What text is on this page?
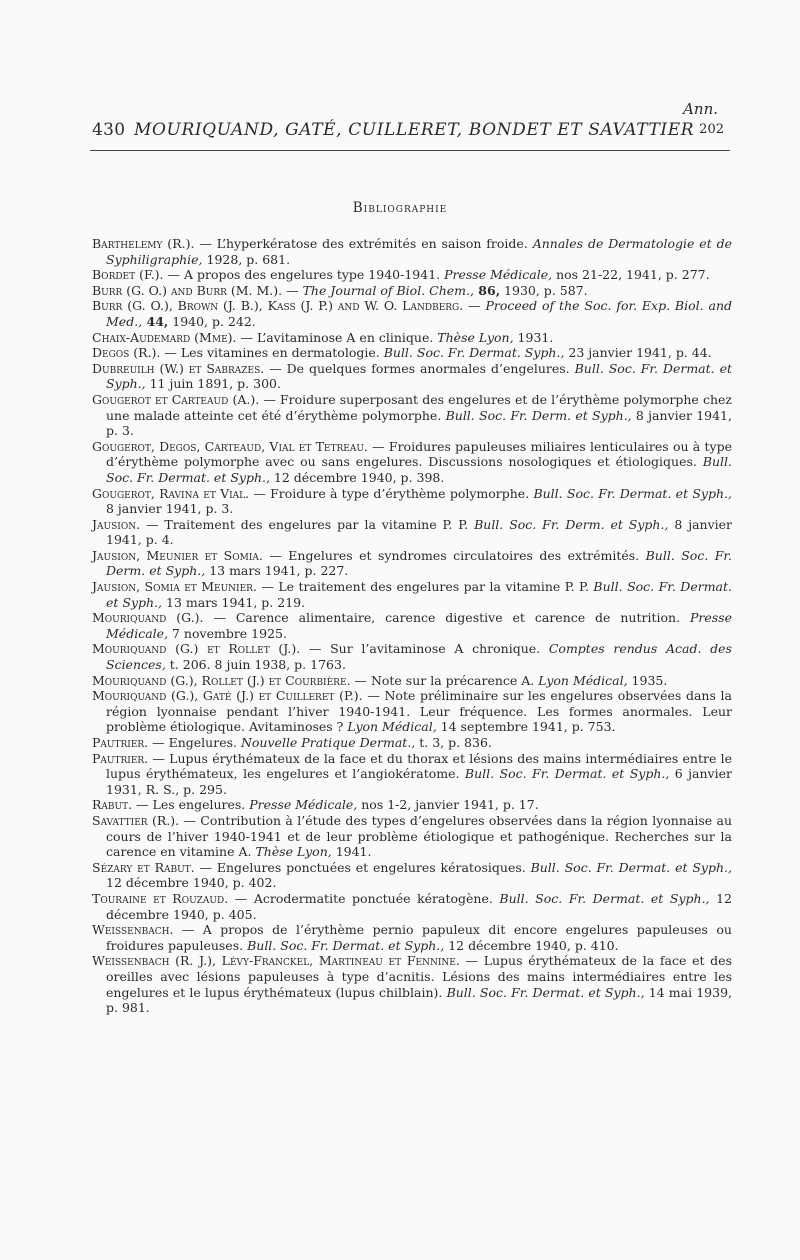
Ann.
430 MOURIQUAND, GATÉ, CUILLERET, BONDET ET SAVATTIER 202
Bibliographie

Barthelemy (R.). — L’hyperkératose des extrémités en saison froide. Annales de Dermatologie et de Syphiligraphie, 1928, p. 681.

Bordet (F.). — A propos des engelures type 1940-1941. Presse Médicale, nos 21-22, 1941, p. 277.

Burr (G. O.) and Burr (M. M.). — The Journal of Biol. Chem., 86, 1930, p. 587.

Burr (G. O.), Brown (J. B.), Kass (J. P.) and W. O. Landberg. — Proceed of the Soc. for. Exp. Biol. and Med., 44, 1940, p. 242.

Chaix-Audemard (Mme). — L’avitaminose A en clinique. Thèse Lyon, 1931.

Degos (R.). — Les vitamines en dermatologie. Bull. Soc. Fr. Dermat. Syph., 23 janvier 1941, p. 44.

Dubreuilh (W.) et Sabrazes. — De quelques formes anormales d’engelures. Bull. Soc. Fr. Dermat. et Syph., 11 juin 1891, p. 300.

Gougerot et Carteaud (A.). — Froidure superposant des engelures et de l’érythème polymorphe chez une malade atteinte cet été d’érythème polymorphe. Bull. Soc. Fr. Derm. et Syph., 8 janvier 1941, p. 3.

Gougerot, Degos, Carteaud, Vial et Tetreau. — Froidures papuleuses miliaires lenticulaires ou à type d’érythème polymorphe avec ou sans engelures. Discussions nosologiques et étiologiques. Bull. Soc. Fr. Dermat. et Syph., 12 décembre 1940, p. 398.

Gougerot, Ravina et Vial. — Froidure à type d’érythème polymorphe. Bull. Soc. Fr. Dermat. et Syph., 8 janvier 1941, p. 3.

Jausion. — Traitement des engelures par la vitamine P. P. Bull. Soc. Fr. Derm. et Syph., 8 janvier 1941, p. 4.

Jausion, Meunier et Somia. — Engelures et syndromes circulatoires des extrémités. Bull. Soc. Fr. Derm. et Syph., 13 mars 1941, p. 227.

Jausion, Somia et Meunier. — Le traitement des engelures par la vitamine P. P. Bull. Soc. Fr. Dermat. et Syph., 13 mars 1941, p. 219.

Mouriquand (G.). — Carence alimentaire, carence digestive et carence de nutrition. Presse Médicale, 7 novembre 1925.

Mouriquand (G.) et Rollet (J.). — Sur l’avitaminose A chronique. Comptes rendus Acad. des Sciences, t. 206. 8 juin 1938, p. 1763.

Mouriquand (G.), Rollet (J.) et Courbière. — Note sur la précarence A. Lyon Médical, 1935.

Mouriquand (G.), Gaté (J.) et Cuilleret (P.). — Note préliminaire sur les engelures observées dans la région lyonnaise pendant l’hiver 1940-1941. Leur fréquence. Les formes anormales. Leur problème étiologique. Avitaminoses ? Lyon Médical, 14 septembre 1941, p. 753.

Pautrier. — Engelures. Nouvelle Pratique Dermat., t. 3, p. 836.

Pautrier. — Lupus érythémateux de la face et du thorax et lésions des mains intermédiaires entre le lupus érythémateux, les engelures et l’angiokératome. Bull. Soc. Fr. Dermat. et Syph., 6 janvier 1931, R. S., p. 295.

Rabut. — Les engelures. Presse Médicale, nos 1-2, janvier 1941, p. 17.

Savattier (R.). — Contribution à l’étude des types d’engelures observées dans la région lyonnaise au cours de l’hiver 1940-1941 et de leur problème étiologique et pathogénique. Recherches sur la carence en vitamine A. Thèse Lyon, 1941.

Sézary et Rabut. — Engelures ponctuées et engelures kératosiques. Bull. Soc. Fr. Dermat. et Syph., 12 décembre 1940, p. 402.

Touraine et Rouzaud. — Acrodermatite ponctuée kératogène. Bull. Soc. Fr. Dermat. et Syph., 12 décembre 1940, p. 405.

Weissenbach. — A propos de l’érythème pernio papuleux dit encore engelures papuleuses ou froidures papuleuses. Bull. Soc. Fr. Dermat. et Syph., 12 décembre 1940, p. 410.

Weissenbach (R. J.), Lévy-Franckel, Martineau et Fennine. — Lupus érythémateux de la face et des oreilles avec lésions papuleuses à type d’acnitis. Lésions des mains intermédiaires entre les engelures et le lupus érythémateux (lupus chilblain). Bull. Soc. Fr. Dermat. et Syph., 14 mai 1939, p. 981.
